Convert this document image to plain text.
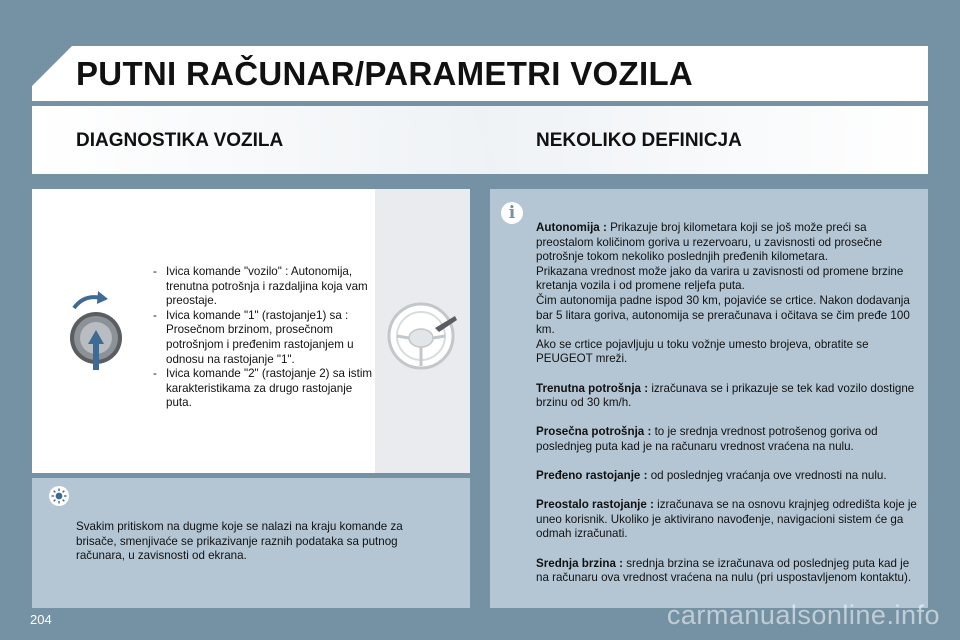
PUTNI RAČUNAR/PARAMETRI VOZILA
DIAGNOSTIKA VOZILA	NEKOLIKO DEFINICJA
- Ivica komande "vozilo" : Autonomija, trenutna potrošnja i razdaljina koja vam preostaje.
- Ivica komande "1" (rastojanje1) sa : Prosečnom brzinom, prosečnom potrošnjom i pređenim rastojanjem u odnosu na rastojanje "1".
- Ivica komande "2" (rastojanje 2) sa istim karakteristikama za drugo rastojanje puta.
Svakim pritiskom na dugme koje se nalazi na kraju komande za brisače, smenjivaće se prikazivanje raznih podataka sa putnog računara, u zavisnosti od ekrana.
i
Autonomija : Prikazuje broj kilometara koji se još može preći sa preostalom količinom goriva u rezervoaru, u zavisnosti od prosečne potrošnje tokom nekoliko poslednjih pređenih kilometara.
Prikazana vrednost može jako da varira u zavisnosti od promene brzine kretanja vozila i od promene reljefa puta.
Čim autonomija padne ispod 30 km, pojaviće se crtice. Nakon dodavanja bar 5 litara goriva, autonomija se preračunava i očitava se čim pređe 100 km.
Ako se crtice pojavljuju u toku vožnje umesto brojeva, obratite se PEUGEOT mreži.
Trenutna potrošnja : izračunava se i prikazuje se tek kad vozilo dostigne brzinu od 30 km/h.
Prosečna potrošnja : to je srednja vrednost potrošenog goriva od poslednjeg puta kad je na računaru vrednost vraćena na nulu.
Pređeno rastojanje : od poslednjeg vraćanja ove vrednosti na nulu.
Preostalo rastojanje : izračunava se na osnovu krajnjeg odredišta koje je uneo korisnik. Ukoliko je aktivirano navođenje, navigacioni sistem će ga odmah izračunati.
Srednja brzina : srednja brzina se izračunava od poslednjeg puta kad je na računaru ova vrednost vraćena na nulu (pri uspostavljenom kontaktu).
204	carmanualsonline.info
